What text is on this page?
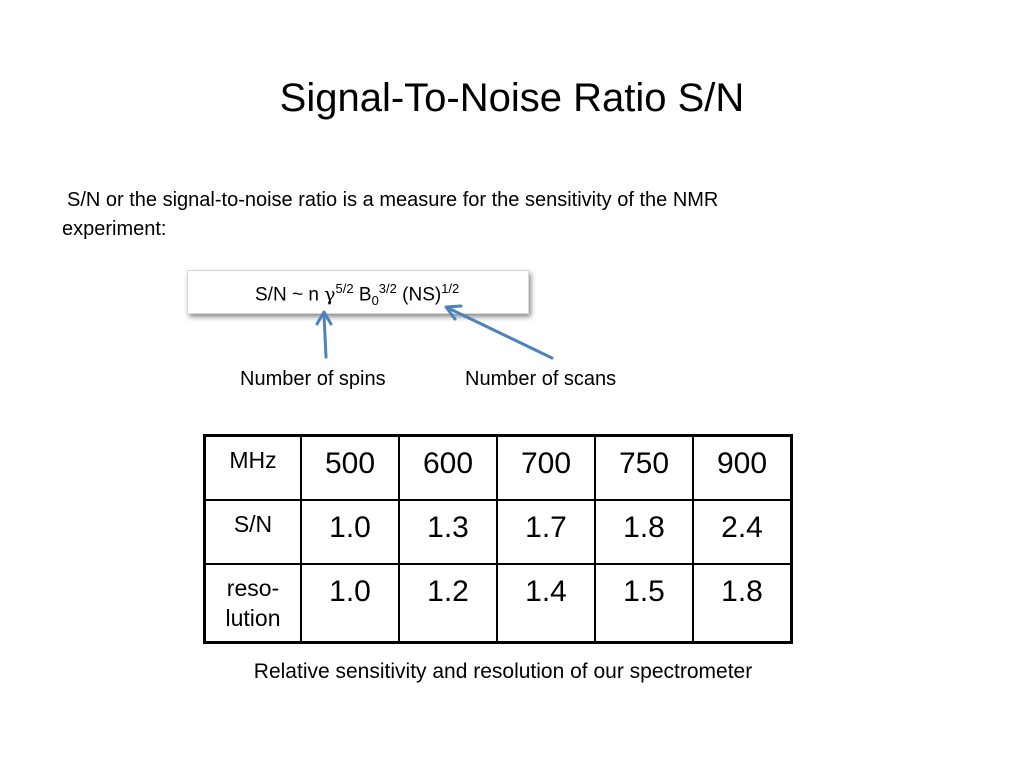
Signal-To-Noise Ratio S/N
S/N or the signal-to-noise ratio is a measure for the sensitivity of the NMR
experiment:
S/N ~ n $\gamma^{5/2}$ $B_0^{3/2}$ (NS)$^{1/2}$
Number of spins	Number of scans
MHz	500	600	700	750	900
S/N	1.0	1.3	1.7	1.8	2.4

reso-
lution	1.0	1.2	1.4	1.5	1.8
Relative sensitivity and resolution of our spectrometer
